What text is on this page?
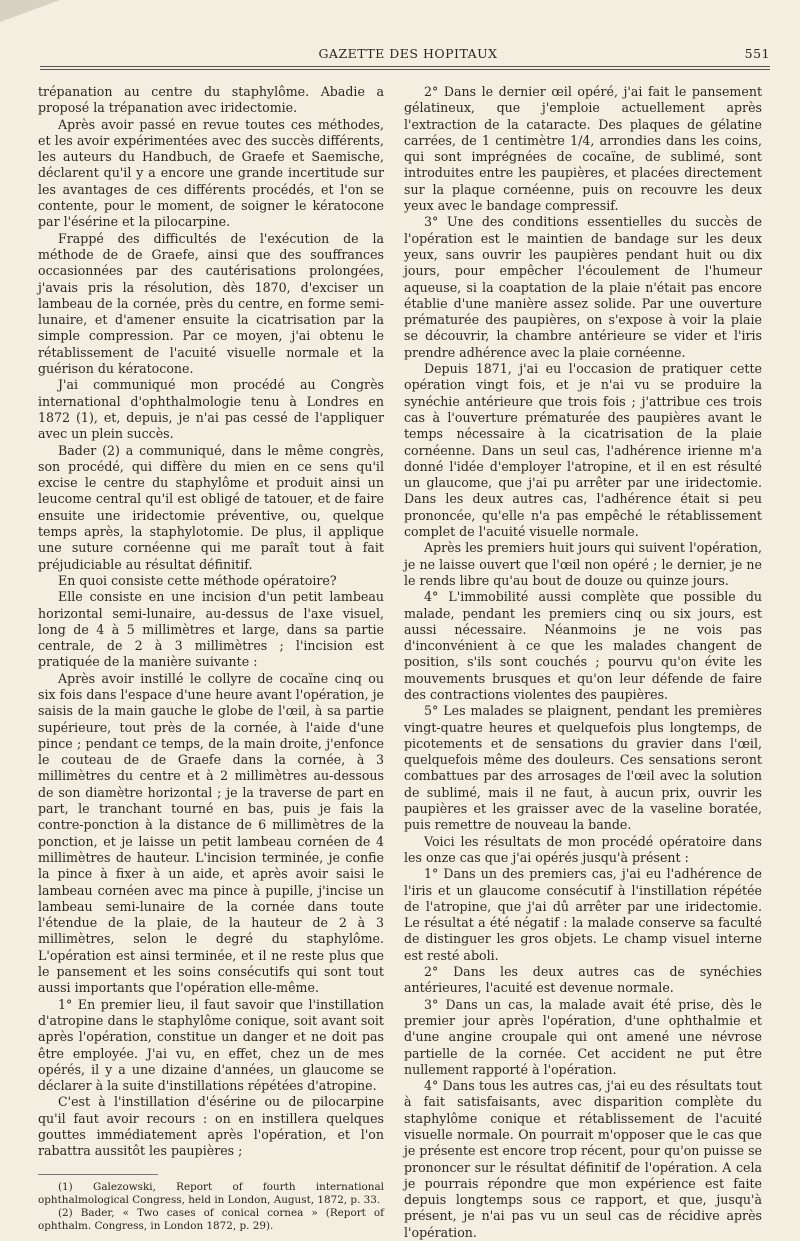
GAZETTE DES HOPITAUX	551

trépanation au centre du staphylôme. Abadie a proposé la trépanation avec iridectomie.

Après avoir passé en revue toutes ces méthodes, et les avoir expérimentées avec des succès différents, les auteurs du Handbuch, de Graefe et Saemische, déclarent qu'il y a encore une grande incertitude sur les avantages de ces différents procédés, et l'on se contente, pour le moment, de soigner le kératocone par l'ésérine et la pilocarpine.

Frappé des difficultés de l'exécution de la méthode de de Graefe, ainsi que des souffrances occasionnées par des cautérisations prolongées, j'avais pris la résolution, dès 1870, d'exciser un lambeau de la cornée, près du centre, en forme semi-lunaire, et d'amener ensuite la cicatrisation par la simple compression. Par ce moyen, j'ai obtenu le rétablissement de l'acuité visuelle normale et la guérison du kératocone.

J'ai communiqué mon procédé au Congrès international d'ophthalmologie tenu à Londres en 1872 (1), et, depuis, je n'ai pas cessé de l'appliquer avec un plein succès.

Bader (2) a communiqué, dans le même congrès, son procédé, qui diffère du mien en ce sens qu'il excise le centre du staphylôme et produit ainsi un leucome central qu'il est obligé de tatouer, et de faire ensuite une iridectomie préventive, ou, quelque temps après, la staphylotomie. De plus, il applique une suture cornéenne qui me paraît tout à fait préjudiciable au résultat définitif.

En quoi consiste cette méthode opératoire?

Elle consiste en une incision d'un petit lambeau horizontal semi-lunaire, au-dessus de l'axe visuel, long de 4 à 5 millimètres et large, dans sa partie centrale, de 2 à 3 millimètres ; l'incision est pratiquée de la manière suivante :

Après avoir instillé le collyre de cocaïne cinq ou six fois dans l'espace d'une heure avant l'opération, je saisis de la main gauche le globe de l'œil, à sa partie supérieure, tout près de la cornée, à l'aide d'une pince ; pendant ce temps, de la main droite, j'enfonce le couteau de de Graefe dans la cornée, à 3 millimètres du centre et à 2 millimètres au-dessous de son diamètre horizontal ; je la traverse de part en part, le tranchant tourné en bas, puis je fais la contre-ponction à la distance de 6 millimètres de la ponction, et je laisse un petit lambeau cornéen de 4 millimètres de hauteur. L'incision terminée, je confie la pince à fixer à un aide, et après avoir saisi le lambeau cornéen avec ma pince à pupille, j'incise un lambeau semi-lunaire de la cornée dans toute l'étendue de la plaie, de la hauteur de 2 à 3 millimètres, selon le degré du staphylôme. L'opération est ainsi terminée, et il ne reste plus que le pansement et les soins consécutifs qui sont tout aussi importants que l'opération elle-même.

1° En premier lieu, il faut savoir que l'instillation d'atropine dans le staphylôme conique, soit avant soit après l'opération, constitue un danger et ne doit pas être employée. J'ai vu, en effet, chez un de mes opérés, il y a une dizaine d'années, un glaucome se déclarer à la suite d'instillations répétées d'atropine.

C'est à l'instillation d'ésérine ou de pilocarpine qu'il faut avoir recours : on en instillera quelques gouttes immédiatement après l'opération, et l'on rabattra aussitôt les paupières ;

(1) Galezowski, Report of fourth international ophthalmological Congress, held in London, August, 1872, p. 33.

(2) Bader, « Two cases of conical cornea » (Report of ophthalm. Congress, in London 1872, p. 29).

2° Dans le dernier œil opéré, j'ai fait le pansement gélatineux, que j'emploie actuellement après l'extraction de la cataracte. Des plaques de gélatine carrées, de 1 centimètre 1/4, arrondies dans les coins, qui sont imprégnées de cocaïne, de sublimé, sont introduites entre les paupières, et placées directement sur la plaque cornéenne, puis on recouvre les deux yeux avec le bandage compressif.

3° Une des conditions essentielles du succès de l'opération est le maintien de bandage sur les deux yeux, sans ouvrir les paupières pendant huit ou dix jours, pour empêcher l'écoulement de l'humeur aqueuse, si la coaptation de la plaie n'était pas encore établie d'une manière assez solide. Par une ouverture prématurée des paupières, on s'expose à voir la plaie se découvrir, la chambre antérieure se vider et l'iris prendre adhérence avec la plaie cornéenne.

Depuis 1871, j'ai eu l'occasion de pratiquer cette opération vingt fois, et je n'ai vu se produire la synéchie antérieure que trois fois ; j'attribue ces trois cas à l'ouverture prématurée des paupières avant le temps nécessaire à la cicatrisation de la plaie cornéenne. Dans un seul cas, l'adhérence irienne m'a donné l'idée d'employer l'atropine, et il en est résulté un glaucome, que j'ai pu arrêter par une iridectomie. Dans les deux autres cas, l'adhérence était si peu prononcée, qu'elle n'a pas empêché le rétablissement complet de l'acuité visuelle normale.

Après les premiers huit jours qui suivent l'opération, je ne laisse ouvert que l'œil non opéré ; le dernier, je ne le rends libre qu'au bout de douze ou quinze jours.

4° L'immobilité aussi complète que possible du malade, pendant les premiers cinq ou six jours, est aussi nécessaire. Néanmoins je ne vois pas d'inconvénient à ce que les malades changent de position, s'ils sont couchés ; pourvu qu'on évite les mouvements brusques et qu'on leur défende de faire des contractions violentes des paupières.

5° Les malades se plaignent, pendant les premières vingt-quatre heures et quelquefois plus longtemps, de picotements et de sensations du gravier dans l'œil, quelquefois même des douleurs. Ces sensations seront combattues par des arrosages de l'œil avec la solution de sublimé, mais il ne faut, à aucun prix, ouvrir les paupières et les graisser avec de la vaseline boratée, puis remettre de nouveau la bande.

Voici les résultats de mon procédé opératoire dans les onze cas que j'ai opérés jusqu'à présent :

1° Dans un des premiers cas, j'ai eu l'adhérence de l'iris et un glaucome consécutif à l'instillation répétée de l'atropine, que j'ai dû arrêter par une iridectomie. Le résultat a été négatif : la malade conserve sa faculté de distinguer les gros objets. Le champ visuel interne est resté aboli.

2° Dans les deux autres cas de synéchies antérieures, l'acuité est devenue normale.

3° Dans un cas, la malade avait été prise, dès le premier jour après l'opération, d'une ophthalmie et d'une angine croupale qui ont amené une névrose partielle de la cornée. Cet accident ne put être nullement rapporté à l'opération.

4° Dans tous les autres cas, j'ai eu des résultats tout à fait satisfaisants, avec disparition complète du staphylôme conique et rétablissement de l'acuité visuelle normale. On pourrait m'opposer que le cas que je présente est encore trop récent, pour qu'on puisse se prononcer sur le résultat définitif de l'opération. A cela je pourrais répondre que mon expérience est faite depuis longtemps sous ce rapport, et que, jusqu'à présent, je n'ai pas vu un seul cas de récidive après l'opération.
